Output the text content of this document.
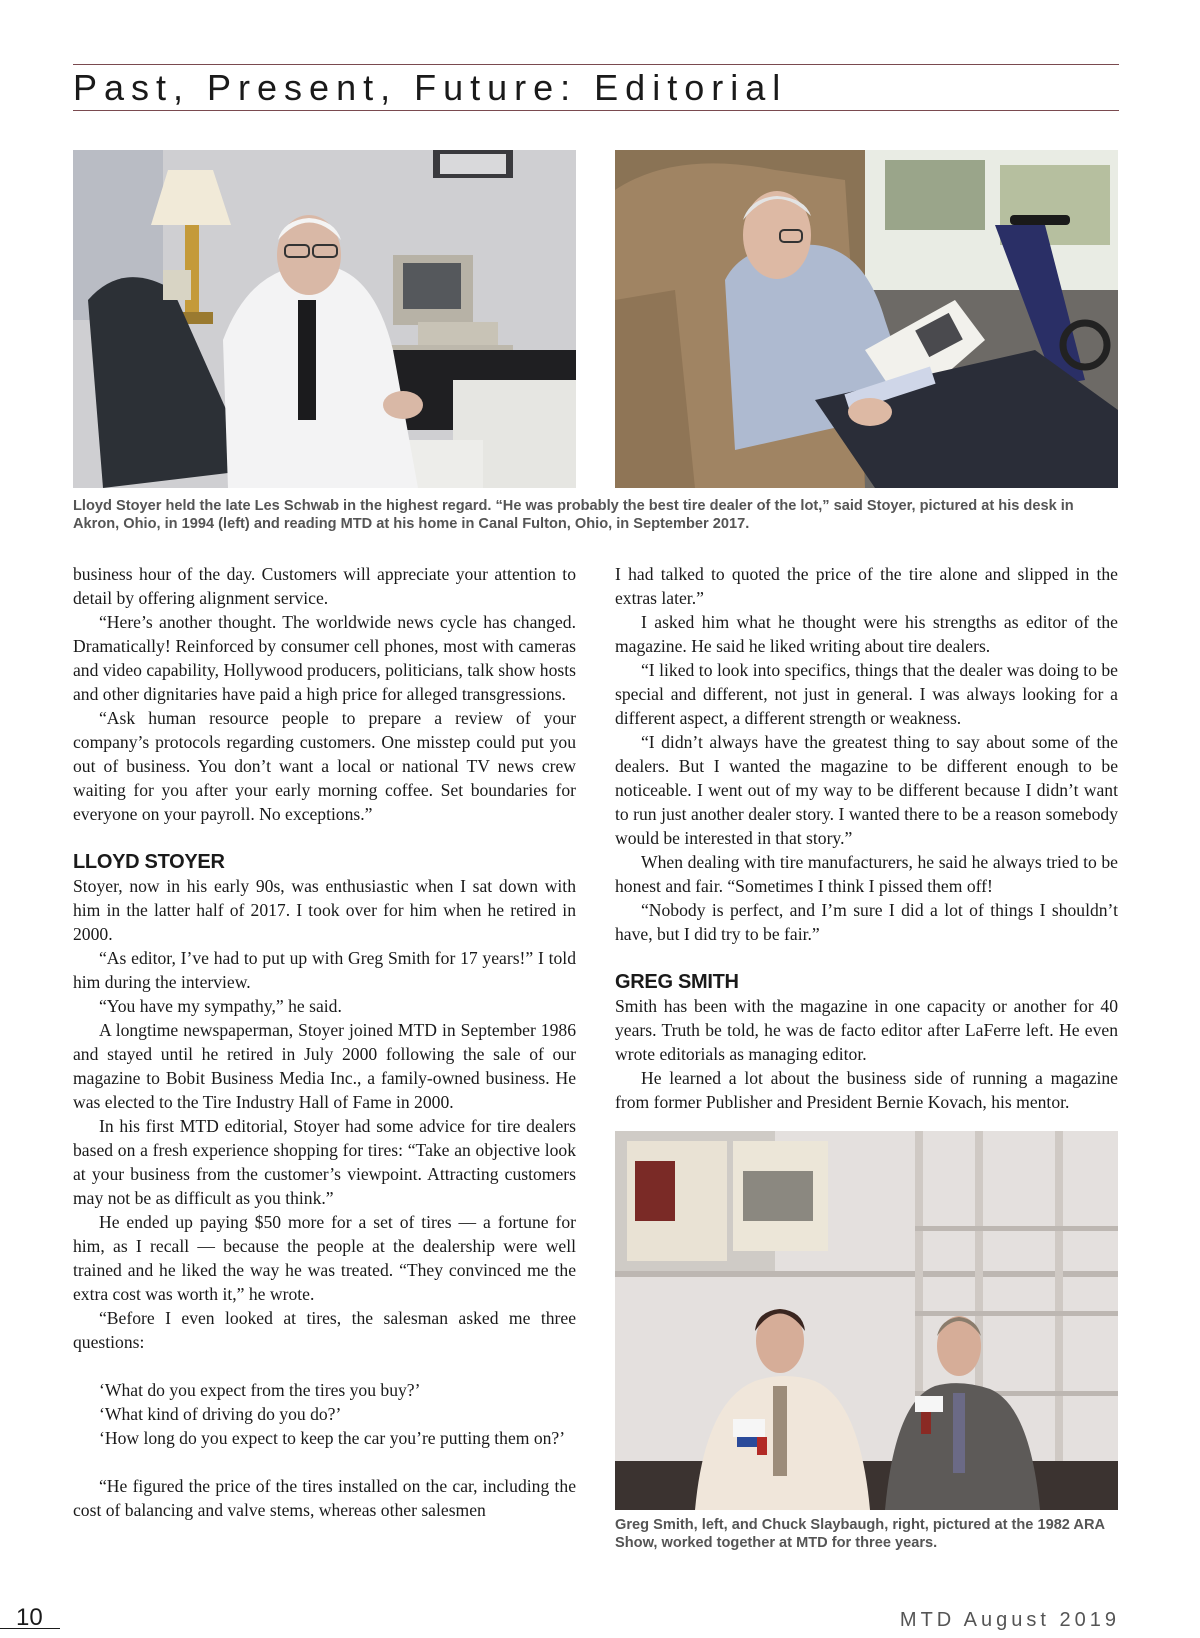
Past, Present, Future: Editorial
Lloyd Stoyer held the late Les Schwab in the highest regard. “He was probably the best tire dealer of the lot,” said Stoyer, pictured at his desk in Akron, Ohio, in 1994 (left) and reading MTD at his home in Canal Fulton, Ohio, in September 2017.

business hour of the day. Customers will appreciate your attention to detail by offering alignment service.

“Here’s another thought. The worldwide news cycle has changed. Dramatically! Reinforced by consumer cell phones, most with cameras and video capability, Hollywood producers, politicians, talk show hosts and other dignitaries have paid a high price for alleged transgressions.

“Ask human resource people to prepare a review of your company’s protocols regarding customers. One misstep could put you out of business. You don’t want a local or national TV news crew waiting for you after your early morning coffee. Set boundaries for everyone on your payroll. No exceptions.”

LLOYD STOYER

Stoyer, now in his early 90s, was enthusiastic when I sat down with him in the latter half of 2017. I took over for him when he retired in 2000.

“As editor, I’ve had to put up with Greg Smith for 17 years!” I told him during the interview.

“You have my sympathy,” he said.

A longtime newspaperman, Stoyer joined MTD in September 1986 and stayed until he retired in July 2000 following the sale of our magazine to Bobit Business Media Inc., a family-owned business. He was elected to the Tire Industry Hall of Fame in 2000.

In his first MTD editorial, Stoyer had some advice for tire dealers based on a fresh experience shopping for tires: “Take an objective look at your business from the customer’s viewpoint. Attracting customers may not be as difficult as you think.”

He ended up paying $50 more for a set of tires — a fortune for him, as I recall — because the people at the dealership were well trained and he liked the way he was treated. “They convinced me the extra cost was worth it,” he wrote.

“Before I even looked at tires, the salesman asked me three questions:

‘What do you expect from the tires you buy?’

‘What kind of driving do you do?’

‘How long do you expect to keep the car you’re putting them on?’

“He figured the price of the tires installed on the car, including the cost of balancing and valve stems, whereas other salesmen

I had talked to quoted the price of the tire alone and slipped in the extras later.”

I asked him what he thought were his strengths as editor of the magazine. He said he liked writing about tire dealers.

“I liked to look into specifics, things that the dealer was doing to be special and different, not just in general. I was always looking for a different aspect, a different strength or weakness.

“I didn’t always have the greatest thing to say about some of the dealers. But I wanted the magazine to be different enough to be noticeable. I went out of my way to be different because I didn’t want to run just another dealer story. I wanted there to be a reason somebody would be interested in that story.”

When dealing with tire manufacturers, he said he always tried to be honest and fair. “Sometimes I think I pissed them off!

“Nobody is perfect, and I’m sure I did a lot of things I shouldn’t have, but I did try to be fair.”

GREG SMITH

Smith has been with the magazine in one capacity or another for 40 years. Truth be told, he was de facto editor after LaFerre left. He even wrote editorials as managing editor.

He learned a lot about the business side of running a magazine from former Publisher and President Bernie Kovach, his mentor.

Greg Smith, left, and Chuck Slaybaugh, right, pictured at the 1982 ARA Show, worked together at MTD for three years.
10	MTD August 2019
